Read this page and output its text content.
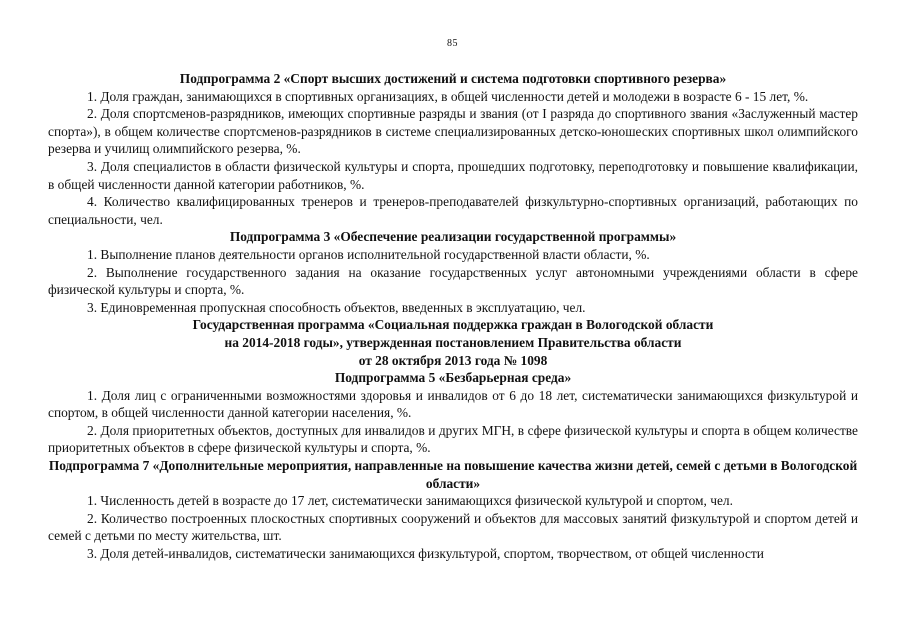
85

Подпрограмма 2 «Спорт высших достижений и система подготовки спортивного резерва»

1. Доля граждан, занимающихся в спортивных организациях, в общей численности детей и молодежи в возрасте 6 - 15 лет, %.

2. Доля спортсменов-разрядников, имеющих спортивные разряды и звания (от I разряда до спортивного звания «Заслуженный мастер спорта»), в общем количестве спортсменов-разрядников в системе специализированных детско-юношеских спортивных школ олимпийского резерва и училищ олимпийского резерва, %.

3. Доля специалистов в области физической культуры и спорта, прошедших подготовку, переподготовку и повышение квалификации, в общей численности данной категории работников, %.

4. Количество квалифицированных тренеров и тренеров-преподавателей физкультурно-спортивных организаций, работающих по специальности, чел.

Подпрограмма 3 «Обеспечение реализации государственной программы»

1. Выполнение планов деятельности органов исполнительной государственной власти области, %.

2. Выполнение государственного задания на оказание государственных услуг автономными учреждениями области в сфере физической культуры и спорта, %.

3. Единовременная пропускная способность объектов, введенных в эксплуатацию, чел.

Государственная программа «Социальная поддержка граждан в Вологодской области

на 2014-2018 годы», утвержденная постановлением Правительства области

от 28 октября 2013 года № 1098

Подпрограмма 5 «Безбарьерная среда»

1. Доля лиц с ограниченными возможностями здоровья и инвалидов от 6 до 18 лет, систематически занимающихся физкультурой и спортом, в общей численности данной категории населения, %.

2. Доля приоритетных объектов, доступных для инвалидов и других МГН, в сфере физической культуры и спорта в общем количестве приоритетных объектов в сфере физической культуры и спорта, %.

Подпрограмма 7 «Дополнительные мероприятия, направленные на повышение качества жизни детей, семей с детьми в Вологодской области»

1. Численность детей в возрасте до 17 лет, систематически занимающихся физической культурой и спортом, чел.

2. Количество построенных плоскостных спортивных сооружений и объектов для массовых занятий физкультурой и спортом детей и семей с детьми по месту жительства, шт.

3. Доля детей-инвалидов, систематически занимающихся физкультурой, спортом, творчеством, от общей численности
